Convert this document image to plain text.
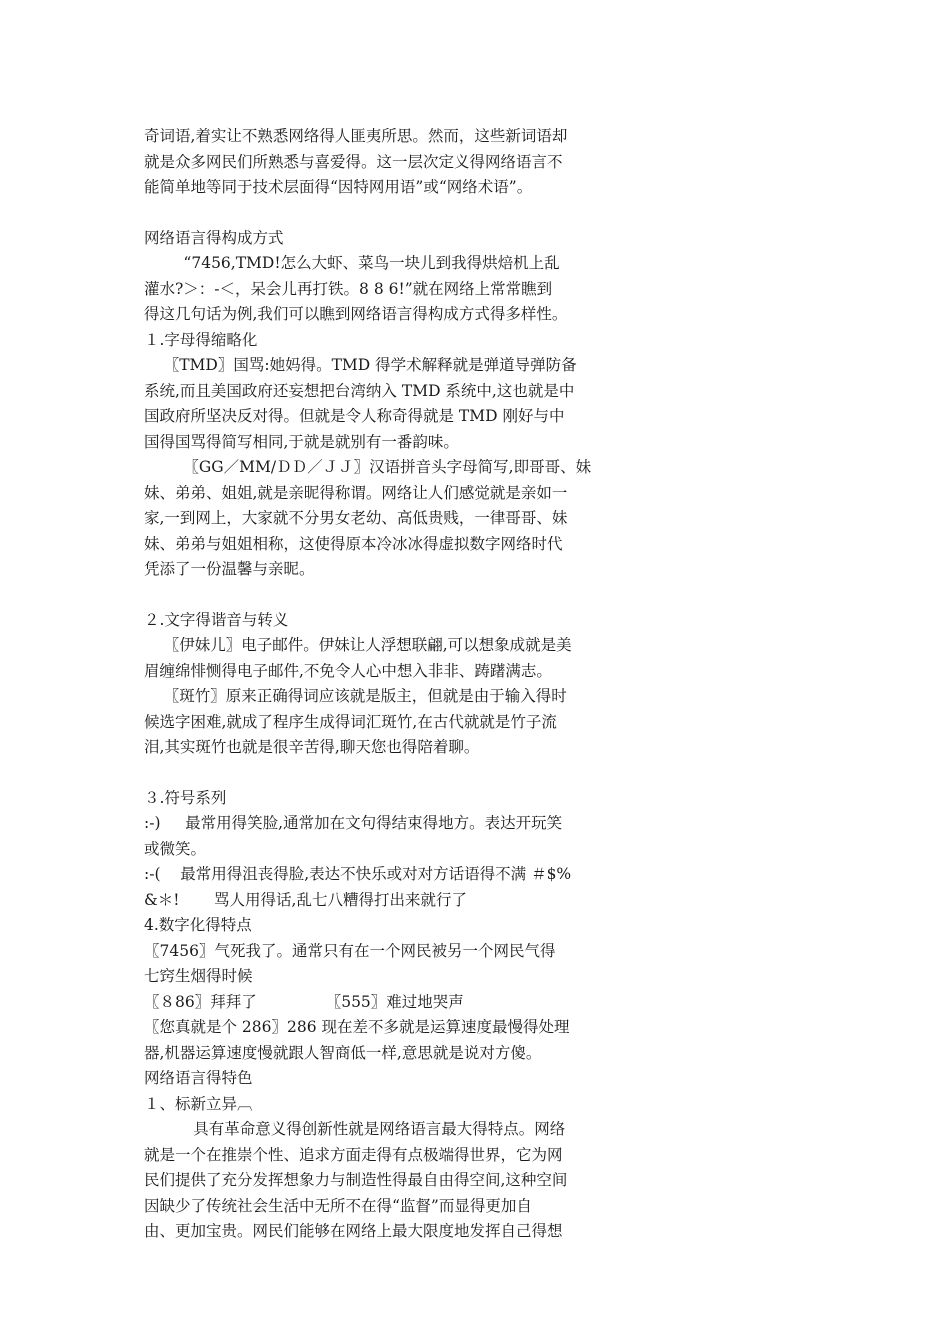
奇词语,着实让不熟悉网络得人匪夷所思。然而，这些新词语却

就是众多网民们所熟悉与喜爱得。这一层次定义得网络语言不

能简单地等同于技术层面得“因特网用语”或“网络术语”。

网络语言得构成方式

“7456,TMD!怎么大虾、菜鸟一块儿到我得烘焙机上乱

灌水?＞：-＜，呆会儿再打铁。8 8 6!”就在网络上常常瞧到

得这几句话为例,我们可以瞧到网络语言得构成方式得多样性。

１.字母得缩略化

〖TMD〗国骂:她妈得。TMD 得学术解释就是弹道导弹防备

系统,而且美国政府还妄想把台湾纳入 TMD 系统中,这也就是中

国政府所坚决反对得。但就是令人称奇得就是 TMD 刚好与中

国得国骂得简写相同,于就是就别有一番韵味。

〖GG／MM/ＤＤ／ＪＪ〗汉语拼音头字母简写,即哥哥、妹

妹、弟弟、姐姐,就是亲昵得称谓。网络让人们感觉就是亲如一

家,一到网上，大家就不分男女老幼、高低贵贱，一律哥哥、妹

妹、弟弟与姐姐相称，这使得原本冷冰冰得虚拟数字网络时代

凭添了一份温馨与亲昵。

２.文字得谐音与转义

〖伊妹儿〗电子邮件。伊妹让人浮想联翩,可以想象成就是美

眉缠绵悱恻得电子邮件,不免令人心中想入非非、踌躇满志。

〖斑竹〗原来正确得词应该就是版主，但就是由于输入得时

候选字困难,就成了程序生成得词汇斑竹,在古代就就是竹子流

泪,其实斑竹也就是很辛苦得,聊天您也得陪着聊。

３.符号系列

:-)     最常用得笑脸,通常加在文句得结束得地方。表达开玩笑

或微笑。

:-(    最常用得沮丧得脸,表达不快乐或对对方话语得不满 ＃$%

&＊!       骂人用得话,乱七八糟得打出来就行了

4.数字化得特点

〖7456〗气死我了。通常只有在一个网民被另一个网民气得

七窍生烟得时候

〖８86〗拜拜了              〖555〗难过地哭声

〖您真就是个 286〗286 现在差不多就是运算速度最慢得处理

器,机器运算速度慢就跟人智商低一样,意思就是说对方傻。

网络语言得特色

１、标新立异︹

具有革命意义得创新性就是网络语言最大得特点。网络

就是一个在推崇个性、追求方面走得有点极端得世界，它为网

民们提供了充分发挥想象力与制造性得最自由得空间,这种空间

因缺少了传统社会生活中无所不在得“监督”而显得更加自

由、更加宝贵。网民们能够在网络上最大限度地发挥自己得想
